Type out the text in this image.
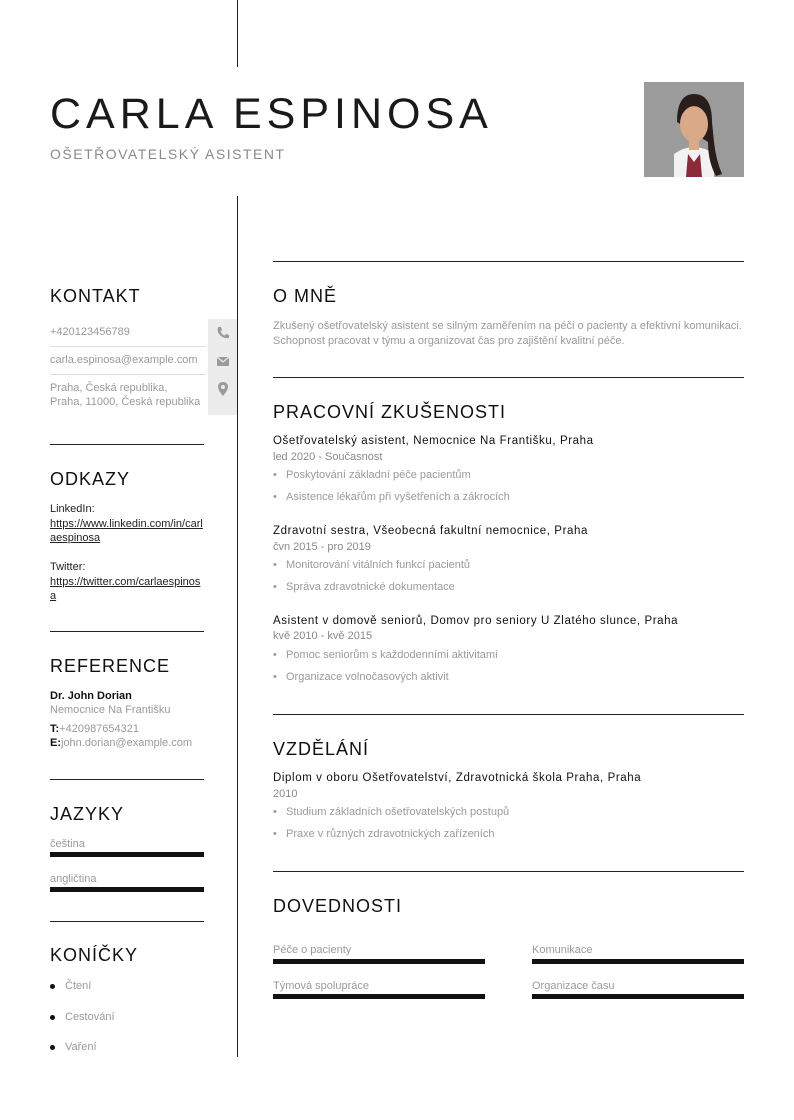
CARLA ESPINOSA
OŠETŘOVATELSKÝ ASISTENT
KONTAKT
+420123456789
carla.espinosa@example.com
Praha, Česká republika,
Praha, 11000, Česká republika
ODKAZY
LinkedIn:
https://www.linkedin.com/in/carlaespinosa
Twitter:
https://twitter.com/carlaespinosa
REFERENCE
Dr. John Dorian
Nemocnice Na Františku
T:+420987654321
E:john.dorian@example.com
JAZYKY
čeština
angličtina
KONÍČKY
Čtení
Cestování
Vaření
O MNĚ
Zkušený ošetřovatelský asistent se silným zaměřením na péči o pacienty a efektivní komunikaci. Schopnost pracovat v týmu a organizovat čas pro zajištění kvalitní péče.
PRACOVNÍ ZKUŠENOSTI
Ošetřovatelský asistent, Nemocnice Na Františku, Praha
led 2020 - Současnost
• Poskytování základní péče pacientům
• Asistence lékařům při vyšetřeních a zákrocích
Zdravotní sestra, Všeobecná fakultní nemocnice, Praha
čvn 2015 - pro 2019
• Monitorování vitálních funkcí pacientů
• Správa zdravotnické dokumentace
Asistent v domově seniorů, Domov pro seniory U Zlatého slunce, Praha
kvě 2010 - kvě 2015
• Pomoc seniorům s každodenními aktivitami
• Organizace volnočasových aktivit
VZDĚLÁNÍ
Diplom v oboru Ošetřovatelství, Zdravotnická škola Praha, Praha
2010
• Studium základních ošetřovatelských postupů
• Praxe v různých zdravotnických zařízeních
DOVEDNOSTI
Péče o pacienty	Komunikace
Týmová spolupráce	Organizace času
